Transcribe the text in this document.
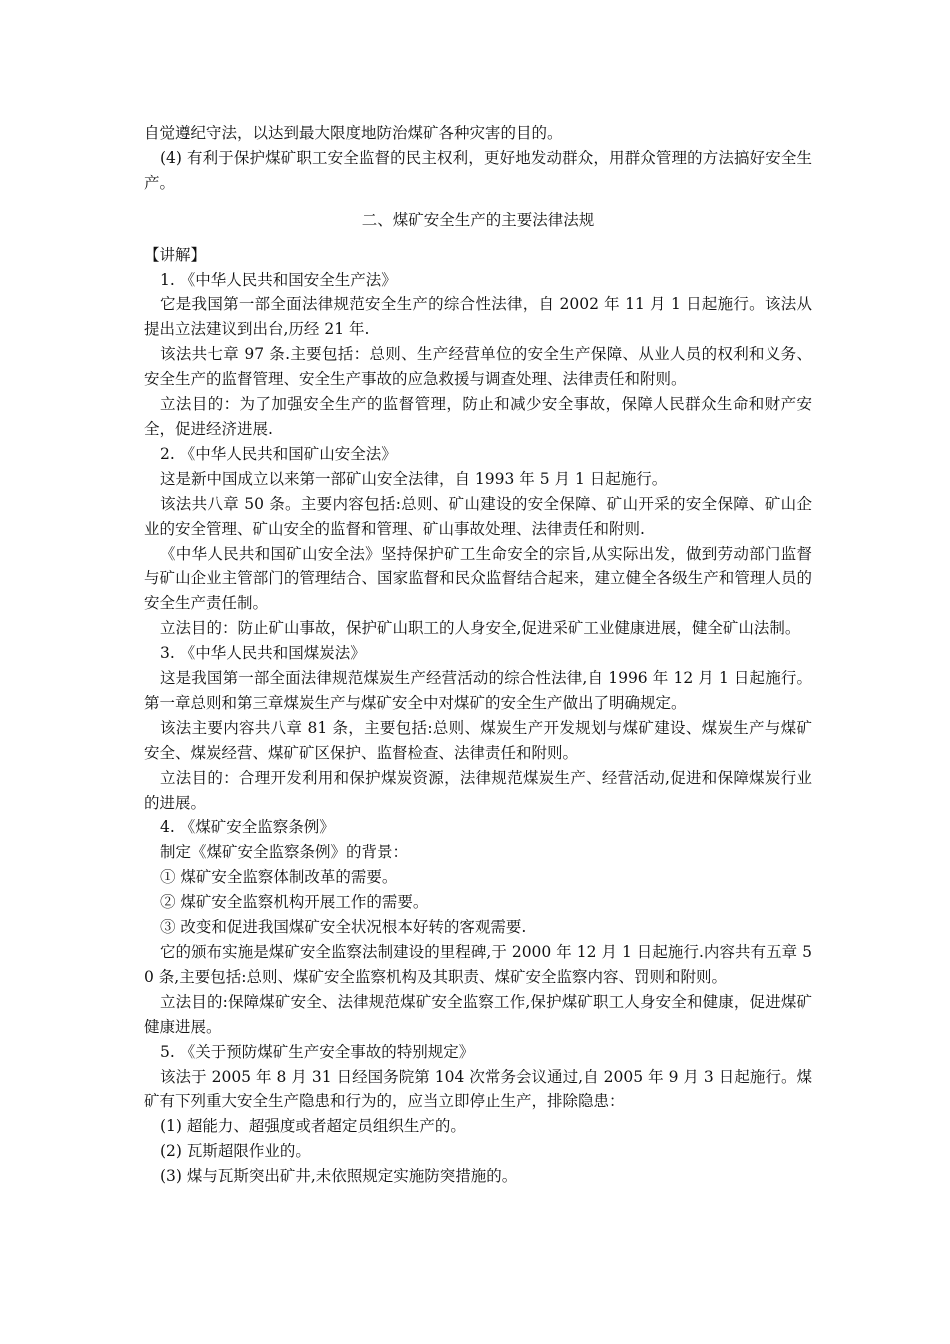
自觉遵纪守法，以达到最大限度地防治煤矿各种灾害的目的。

(4) 有利于保护煤矿职工安全监督的民主权利，更好地发动群众，用群众管理的方法搞好安全生产。

二、煤矿安全生产的主要法律法规

【讲解】

1. 《中华人民共和国安全生产法》

它是我国第一部全面法律规范安全生产的综合性法律，自 2002 年 11 月 1 日起施行。该法从提出立法建议到出台,历经 21 年.

该法共七章 97 条.主要包括：总则、生产经营单位的安全生产保障、从业人员的权利和义务、安全生产的监督管理、安全生产事故的应急救援与调查处理、法律责任和附则。

立法目的：为了加强安全生产的监督管理，防止和减少安全事故，保障人民群众生命和财产安全，促进经济进展.

2. 《中华人民共和国矿山安全法》

这是新中国成立以来第一部矿山安全法律，自 1993 年 5 月 1 日起施行。

该法共八章 50 条。主要内容包括:总则、矿山建设的安全保障、矿山开采的安全保障、矿山企业的安全管理、矿山安全的监督和管理、矿山事故处理、法律责任和附则.

《中华人民共和国矿山安全法》坚持保护矿工生命安全的宗旨,从实际出发，做到劳动部门监督与矿山企业主管部门的管理结合、国家监督和民众监督结合起来，建立健全各级生产和管理人员的安全生产责任制。

立法目的：防止矿山事故，保护矿山职工的人身安全,促进采矿工业健康进展，健全矿山法制。

3. 《中华人民共和国煤炭法》

这是我国第一部全面法律规范煤炭生产经营活动的综合性法律,自 1996 年 12 月 1 日起施行。第一章总则和第三章煤炭生产与煤矿安全中对煤矿的安全生产做出了明确规定。

该法主要内容共八章 81 条，主要包括:总则、煤炭生产开发规划与煤矿建设、煤炭生产与煤矿安全、煤炭经营、煤矿矿区保护、监督检查、法律责任和附则。

立法目的：合理开发利用和保护煤炭资源，法律规范煤炭生产、经营活动,促进和保障煤炭行业的进展。

4. 《煤矿安全监察条例》

制定《煤矿安全监察条例》的背景：

① 煤矿安全监察体制改革的需要。

② 煤矿安全监察机构开展工作的需要。

③ 改变和促进我国煤矿安全状况根本好转的客观需要.

它的颁布实施是煤矿安全监察法制建设的里程碑,于 2000 年 12 月 1 日起施行.内容共有五章 50 条,主要包括:总则、煤矿安全监察机构及其职责、煤矿安全监察内容、罚则和附则。

立法目的:保障煤矿安全、法律规范煤矿安全监察工作,保护煤矿职工人身安全和健康，促进煤矿健康进展。

5. 《关于预防煤矿生产安全事故的特别规定》

该法于 2005 年 8 月 31 日经国务院第 104 次常务会议通过,自 2005 年 9 月 3 日起施行。煤矿有下列重大安全生产隐患和行为的，应当立即停止生产，排除隐患：

(1) 超能力、超强度或者超定员组织生产的。

(2) 瓦斯超限作业的。

(3) 煤与瓦斯突出矿井,未依照规定实施防突措施的。
